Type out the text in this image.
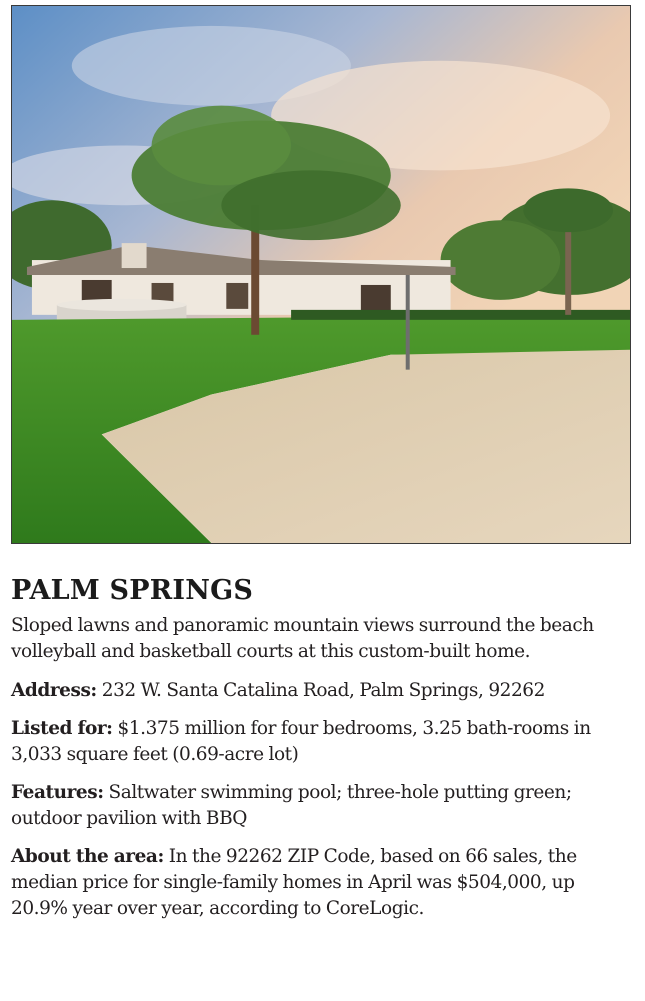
PALM SPRINGS

Sloped lawns and panoramic mountain views surround the beach volleyball and basketball courts at this custom-built home.

Address: 232 W. Santa Catalina Road, Palm Springs, 92262

Listed for: $1.375 million for four bedrooms, 3.25 bath-rooms in 3,033 square feet (0.69-acre lot)

Features: Saltwater swimming pool; three-hole putting green; outdoor pavilion with BBQ

About the area: In the 92262 ZIP Code, based on 66 sales, the median price for single-family homes in April was $504,000, up 20.9% year over year, according to CoreLogic.
